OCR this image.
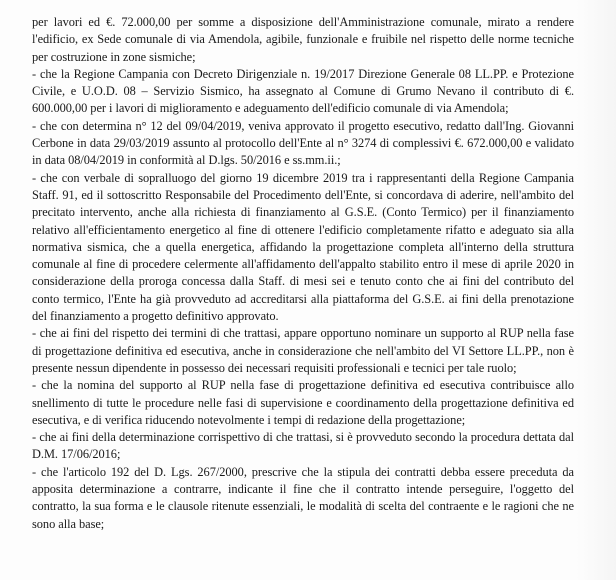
per lavori ed €. 72.000,00 per somme a disposizione dell'Amministrazione comunale, mirato a rendere l'edificio, ex Sede comunale di via Amendola, agibile, funzionale e fruibile nel rispetto delle norme tecniche per costruzione in zone sismiche;

- che la Regione Campania con Decreto Dirigenziale n. 19/2017 Direzione Generale 08 LL.PP. e Protezione Civile, e U.O.D. 08 – Servizio Sismico, ha assegnato al Comune di Grumo Nevano il contributo di €. 600.000,00 per i lavori di miglioramento e adeguamento dell'edificio comunale di via Amendola;

- che con determina n° 12 del 09/04/2019, veniva approvato il progetto esecutivo, redatto dall'Ing. Giovanni Cerbone in data 29/03/2019 assunto al protocollo dell'Ente al n° 3274 di complessivi €. 672.000,00 e validato in data 08/04/2019 in conformità al D.lgs. 50/2016 e ss.mm.ii.;

- che con verbale di sopralluogo del giorno 19 dicembre 2019 tra i rappresentanti della Regione Campania Staff. 91, ed il sottoscritto Responsabile del Procedimento dell'Ente, si concordava di aderire, nell'ambito del precitato intervento, anche alla richiesta di finanziamento al G.S.E. (Conto Termico) per il finanziamento relativo all'efficientamento energetico al fine di ottenere l'edificio completamente rifatto e adeguato sia alla normativa sismica, che a quella energetica, affidando la progettazione completa all'interno della struttura comunale al fine di procedere celermente all'affidamento dell'appalto stabilito entro il mese di aprile 2020 in considerazione della proroga concessa dalla Staff. di mesi sei e tenuto conto che ai fini del contributo del conto termico, l'Ente ha già provveduto ad accreditarsi alla piattaforma del G.S.E. ai fini della prenotazione del finanziamento a progetto definitivo approvato.

- che ai fini del rispetto dei termini di che trattasi, appare opportuno nominare un supporto al RUP nella fase di progettazione definitiva ed esecutiva, anche in considerazione che nell'ambito del VI Settore LL.PP., non è presente nessun dipendente in possesso dei necessari requisiti professionali e tecnici per tale ruolo;

- che la nomina del supporto al RUP nella fase di progettazione definitiva ed esecutiva contribuisce allo snellimento di tutte le procedure nelle fasi di supervisione e coordinamento della progettazione definitiva ed esecutiva, e di verifica riducendo notevolmente i tempi di redazione della progettazione;

- che ai fini della determinazione corrispettivo di che trattasi, si è provveduto secondo la procedura dettata dal D.M. 17/06/2016;

- che l'articolo 192 del D. Lgs. 267/2000, prescrive che la stipula dei contratti debba essere preceduta da apposita determinazione a contrarre, indicante il fine che il contratto intende perseguire, l'oggetto del contratto, la sua forma e le clausole ritenute essenziali, le modalità di scelta del contraente e le ragioni che ne sono alla base;
